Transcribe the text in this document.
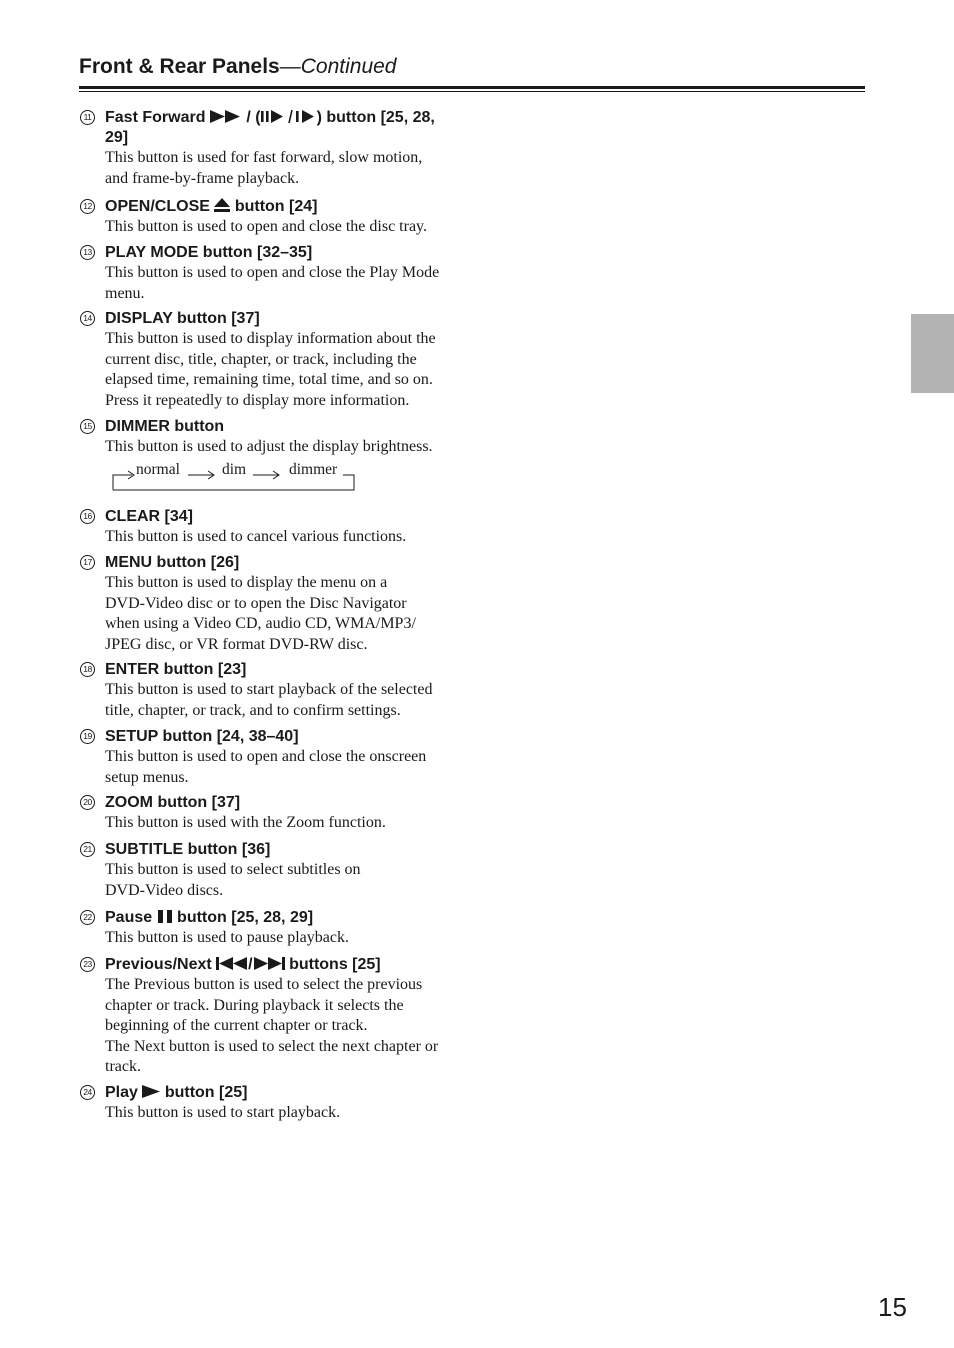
Front & Rear Panels—Continued
11 Fast Forward	/ (	) button [25, 28,
29]
This button is used for fast forward, slow motion,
and frame-by-frame playback.
12 OPEN/CLOSE button [24]
This button is used to open and close the disc tray.
13 PLAY MODE button [32–35]
This button is used to open and close the Play Mode
menu.
14 DISPLAY button [37]
This button is used to display information about the
current disc, title, chapter, or track, including the
elapsed time, remaining time, total time, and so on.
Press it repeatedly to display more information.
15 DIMMER button
This button is used to adjust the display brightness.
normal	dim	dimmer
16 CLEAR [34]
This button is used to cancel various functions.
17 MENU button [26]
This button is used to display the menu on a
DVD-Video disc or to open the Disc Navigator
when using a Video CD, audio CD, WMA/MP3/
JPEG disc, or VR format DVD-RW disc.
18 ENTER button [23]
This button is used to start playback of the selected
title, chapter, or track, and to confirm settings.
19 SETUP button [24, 38–40]
This button is used to open and close the onscreen
setup menus.
20 ZOOM button [37]
This button is used with the Zoom function.
21 SUBTITLE button [36]
This button is used to select subtitles on
DVD-Video discs.
22 Pause button [25, 28, 29]
This button is used to pause playback.
23 Previous/Next / buttons [25]
The Previous button is used to select the previous
chapter or track. During playback it selects the
beginning of the current chapter or track.
The Next button is used to select the next chapter or
track.
24 Play button [25]
This button is used to start playback.
15
